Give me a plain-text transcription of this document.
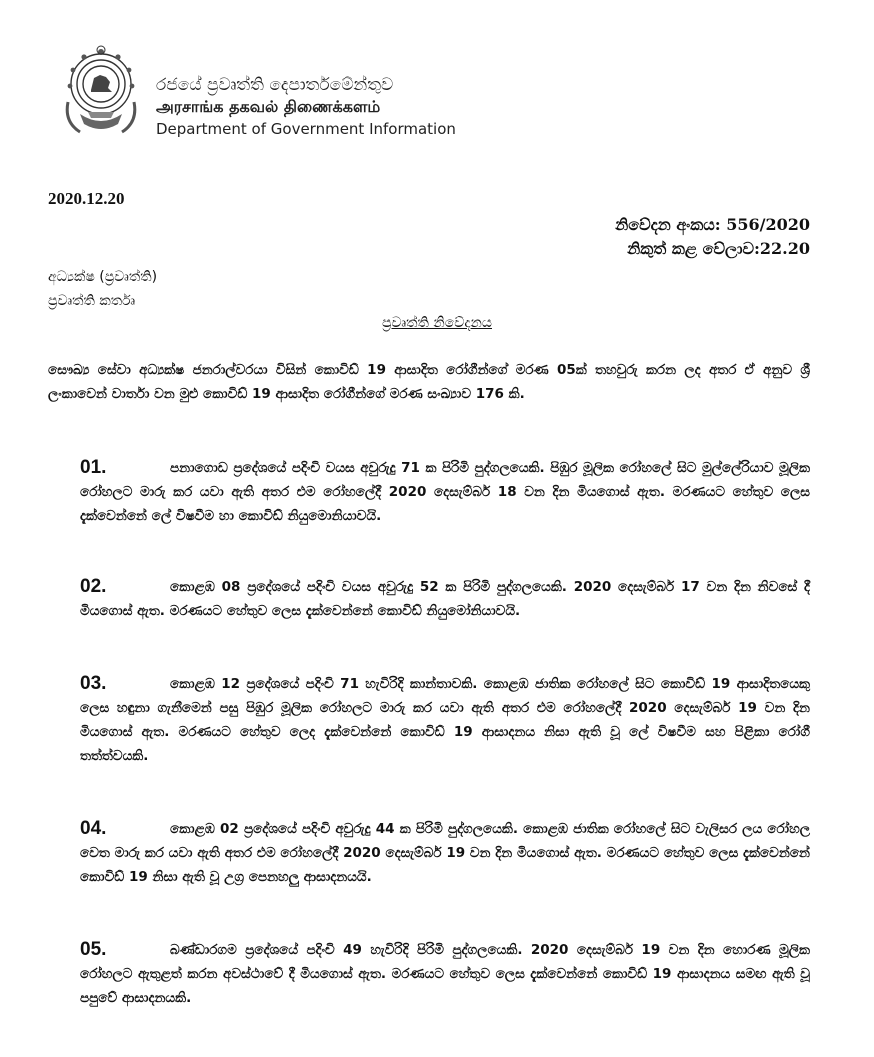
රජයේ ප්‍රවෘත්ති දෙපාර්තමේන්තුව
அரசாங்க தகவல் திணைக்களம்
Department of Government Information
2020.12.20
නිවේදන අංකය: 556/2020
නිකුත් කළ වේලාව:22.20
අධ්‍යක්ෂ (ප්‍රවෘත්ති)
ප්‍රවෘත්ති කර්තෘ
ප්‍රවෘත්ති නිවේදනය
සෞඛ්‍ය සේවා අධ්‍යක්ෂ ජනරාල්වරයා විසින් කොවිඩ් 19 ආසාදිත රෝගීන්ගේ මරණ 05ක් තහවුරු කරන ලද අතර ඒ අනුව ශ්‍රී ලංකාවෙන් වාර්තා වන මුළු කොවිඩ් 19 ආසාදිත රෝගීන්ගේ මරණ සංඛ්‍යාව 176 කි.
01.	පනාගොඩ ප්‍රදේශයේ පදිංචි වයස අවුරුදු 71 ක පිරිමි පුද්ගලයෙකි. පිඹුර මූලික රෝහලේ සිට මුල්ලේරියාව මූලික රෝහලට මාරු කර යවා ඇති අතර එම රෝහලේදී 2020 දෙසැම්බර් 18 වන දින මියගොස් ඇත. මරණයට හේතුව ලෙස දැක්වෙන්නේ ලේ විෂවීම හා කොවිඩ් නියුමොනියාවයි.
02.	කොළඹ 08 ප්‍රදේශයේ පදිංචි වයස අවුරුදු 52 ක පිරිමි පුද්ගලයෙකි. 2020 දෙසැම්බර් 17 වන දින නිවසේ දී මියගොස් ඇත. මරණයට හේතුව ලෙස දැක්වෙන්නේ කොවිඩ් නියුමෝනියාවයි.
03.	කොළඹ 12 ප්‍රදේශයේ පදිංචි 71 හැවිරිදි කාන්තාවකි. කොළඹ ජාතික රෝහලේ සිට කොවිඩ් 19 ආසාදිතයෙකු ලෙස හඳුනා ගැනීමෙන් පසු පිඹුර මූලික රෝහලට මාරු කර යවා ඇති අතර එම රෝහලේදී 2020 දෙසැම්බර් 19 වන දින මියගොස් ඇත. මරණයට හේතුව ලෙද දැක්වෙන්නේ කොවිඩ් 19 ආසාදනය නිසා ඇති වූ ලේ විෂවීම සහ පිළිකා රෝගී තත්ත්වයකි.
04.	කොළඹ 02 ප්‍රදේශයේ පදිංචි අවුරුදු 44 ක පිරිමි පුද්ගලයෙකි. කොළඹ ජාතික රෝහලේ සිට වැලිසර ලය රෝහල වෙත මාරු කර යවා ඇති අතර එම රෝහලේදී 2020 දෙසැම්බර් 19 වන දින මියගොස් ඇත. මරණයට හේතුව ලෙස දැක්වෙන්නේ කොවිඩ් 19 නිසා ඇති වූ උග්‍ර පෙනහලු ආසාදනයයි.
05.	බණ්ඩාරගම ප්‍රදේශයේ පදිංචි 49 හැවිරිදි පිරිමි පුද්ගලයෙකි. 2020 දෙසැම්බර් 19 වන දින හොරණ මූලික රෝහලට ඇතුළත් කරන අවස්ථාවේ දී මියගොස් ඇත. මරණයට හේතුව ලෙස දැක්වෙන්නේ කොවිඩ් 19 ආසාදනය සමඟ ඇති වූ පපුවේ ආසාදනයකි.
